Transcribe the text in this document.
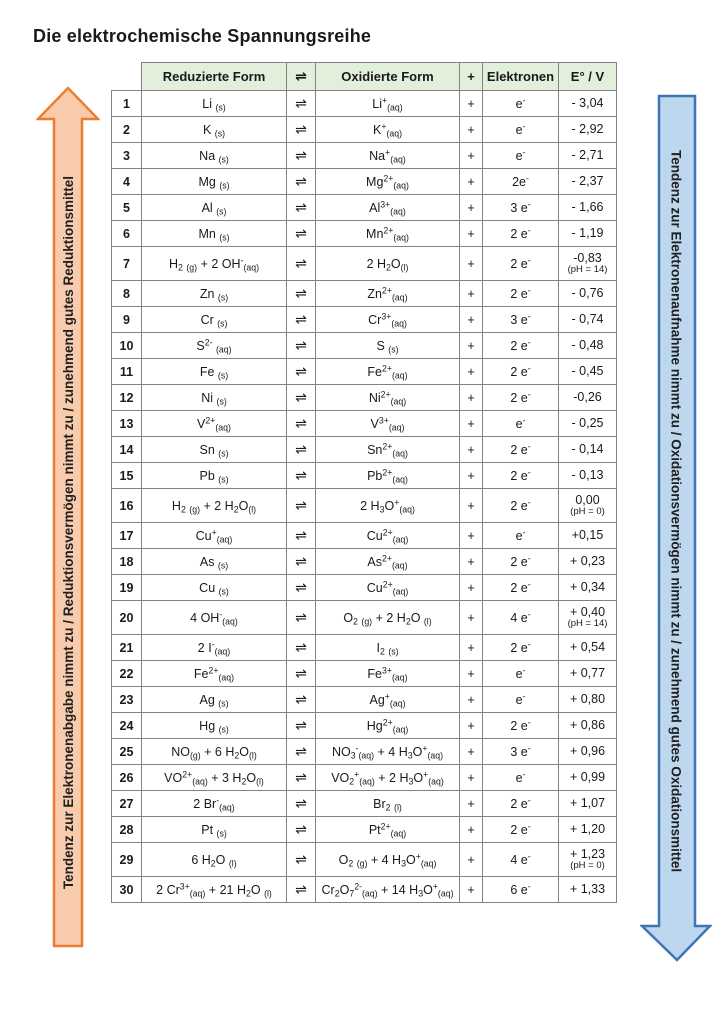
Die elektrochemische Spannungsreihe
Tendenz zur Elektronenabgabe nimmt zu / Reduktionsvermögen nimmt zu / zunehmend gutes Reduktionsmittel	Tendenz zur Elektronenaufnahme nimmt zu / Oxidationsvermögen nimmt zu / zunehmend gutes Oxidationsmittel
	Reduzierte Form	⇌	Oxidierte Form	+	Elektronen	E° / V
1	Li $_{(s)}$	⇌	$Li^+_{(aq)}$	+	e-	- 3,04
2	K $_{(s)}$	⇌	$K^+_{(aq)}$	+	e-	- 2,92
3	Na $_{(s)}$	⇌	$Na^+_{(aq)}$	+	e-	- 2,71
4	Mg $_{(s)}$	⇌	$Mg^{2+}_{(aq)}$	+	2e-	- 2,37
5	Al $_{(s)}$	⇌	$Al^{3+}_{(aq)}$	+	3 e-	- 1,66
6	Mn $_{(s)}$	⇌	$Mn^{2+}_{(aq)}$	+	2 e-	- 1,19
7	$H_2$ $_{(g)}$ + 2 $OH^-_{(aq)}$	⇌	2 $H_2O_{(l)}$	+	2 e-	-0,83
(pH = 14)

8	Zn $_{(s)}$	⇌	$Zn^{2+}_{(aq)}$	+	2 e-	- 0,76
9	Cr $_{(s)}$	⇌	$Cr^{3+}_{(aq)}$	+	3 e-	- 0,74
10	$S^{2-}$ $_{(aq)}$	⇌	S $_{(s)}$	+	2 e-	- 0,48
11	Fe $_{(s)}$	⇌	$Fe^{2+}_{(aq)}$	+	2 e-	- 0,45
12	Ni $_{(s)}$	⇌	$Ni^{2+}_{(aq)}$	+	2 e-	-0,26
13	$V^{2+}_{(aq)}$	⇌	$V^{3+}_{(aq)}$	+	e-	- 0,25
14	Sn $_{(s)}$	⇌	$Sn^{2+}_{(aq)}$	+	2 e-	- 0,14
15	Pb $_{(s)}$	⇌	$Pb^{2+}_{(aq)}$	+	2 e-	- 0,13
16	$H_2$ $_{(g)}$ + 2 $H_2O_{(l)}$	⇌	2 $H_3O^+_{(aq)}$	+	2 e-	0,00
(pH = 0)

17	$Cu^+_{(aq)}$	⇌	$Cu^{2+}_{(aq)}$	+	e-	+0,15
18	As $_{(s)}$	⇌	$As^{2+}_{(aq)}$	+	2 e-	+ 0,23
19	Cu $_{(s)}$	⇌	$Cu^{2+}_{(aq)}$	+	2 e-	+ 0,34
20	4 $OH^-_{(aq)}$	⇌	$O_2$ $_{(g)}$ + 2 $H_2O$ $_{(l)}$	+	4 e-	+ 0,40
(pH = 14)

21	2 $I^-_{(aq)}$	⇌	$I_2$ $_{(s)}$	+	2 e-	+ 0,54
22	$Fe^{2+}_{(aq)}$	⇌	$Fe^{3+}_{(aq)}$	+	e-	+ 0,77
23	Ag $_{(s)}$	⇌	$Ag^+_{(aq)}$	+	e-	+ 0,80
24	Hg $_{(s)}$	⇌	$Hg^{2+}_{(aq)}$	+	2 e-	+ 0,86
25	$NO_{(g)} + 6$ $H_2O_{(l)}$	⇌	$NO_3^-_{(aq)} + 4$ $H_3O^+_{(aq)}$	+	3 e-	+ 0,96
26	$VO^{2+}_{(aq)} + 3$ $H_2O_{(l)}$	⇌	$VO_2^+_{(aq)} + 2$ $H_3O^+_{(aq)}$	+	e-	+ 0,99
27	2 $Br^-_{(aq)}$	⇌	$Br_2$ $_{(l)}$	+	2 e-	+ 1,07
28	Pt $_{(s)}$	⇌	$Pt^{2+}_{(aq)}$	+	2 e-	+ 1,20
29	6 $H_2O$ $_{(l)}$	⇌	$O_2$ $_{(g)}$ + 4 $H_3O^+_{(aq)}$	+	4 e-	+ 1,23
(pH = 0)

30	2 $Cr^{3+}_{(aq)} + 21$ $H_2O$ $_{(l)}$	⇌	$Cr_2O_7^{2-}_{(aq)} + 14$ $H_3O^+_{(aq)}$	+	6 e-	+ 1,33
